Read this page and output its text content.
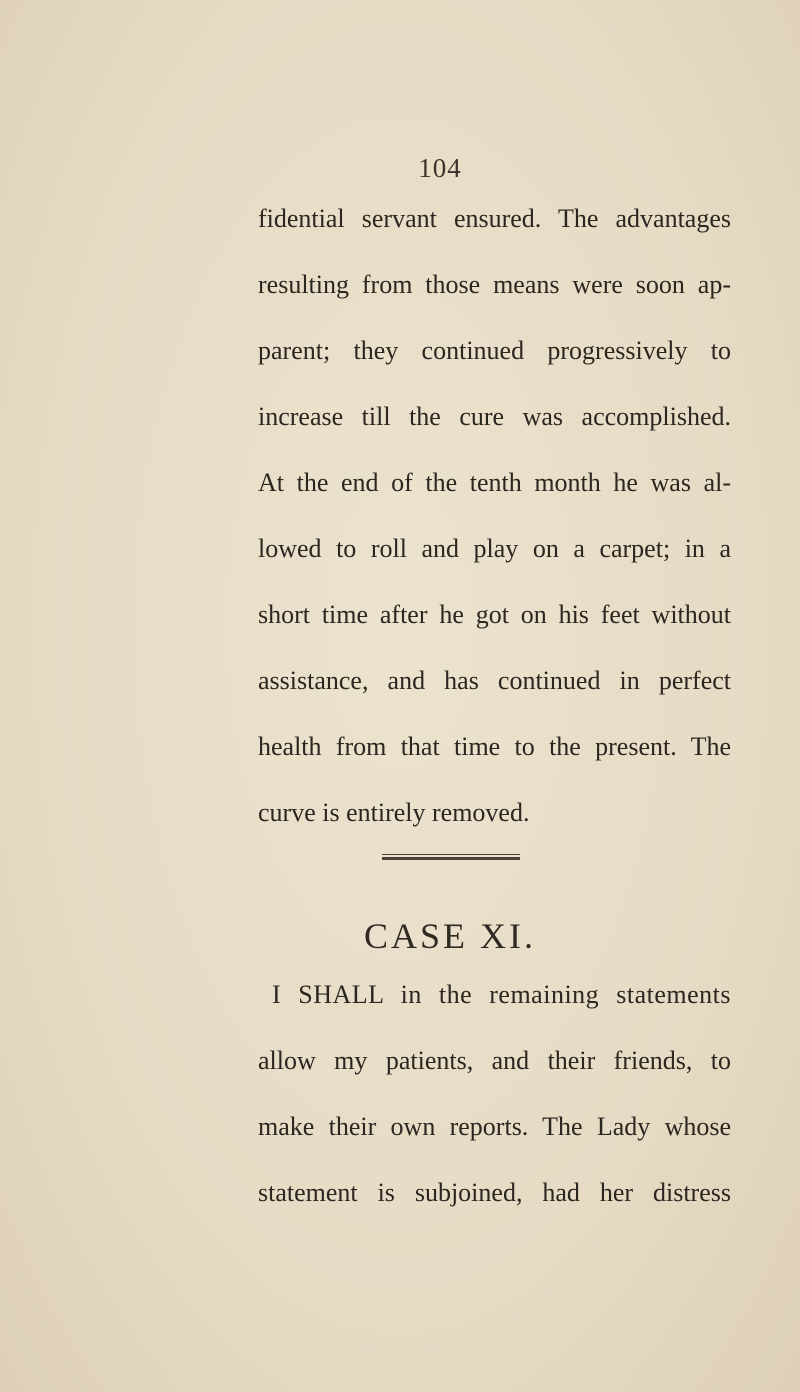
104
fidential servant ensured. The advantages
resulting from those means were soon ap-
parent; they continued progressively to
increase till the cure was accomplished.
At the end of the tenth month he was al-
lowed to roll and play on a carpet; in a
short time after he got on his feet without
assistance, and has continued in perfect
health from that time to the present. The
curve is entirely removed.
CASE XI.
I SHALL in the remaining statements
allow my patients, and their friends, to
make their own reports. The Lady whose
statement is subjoined, had her distress
